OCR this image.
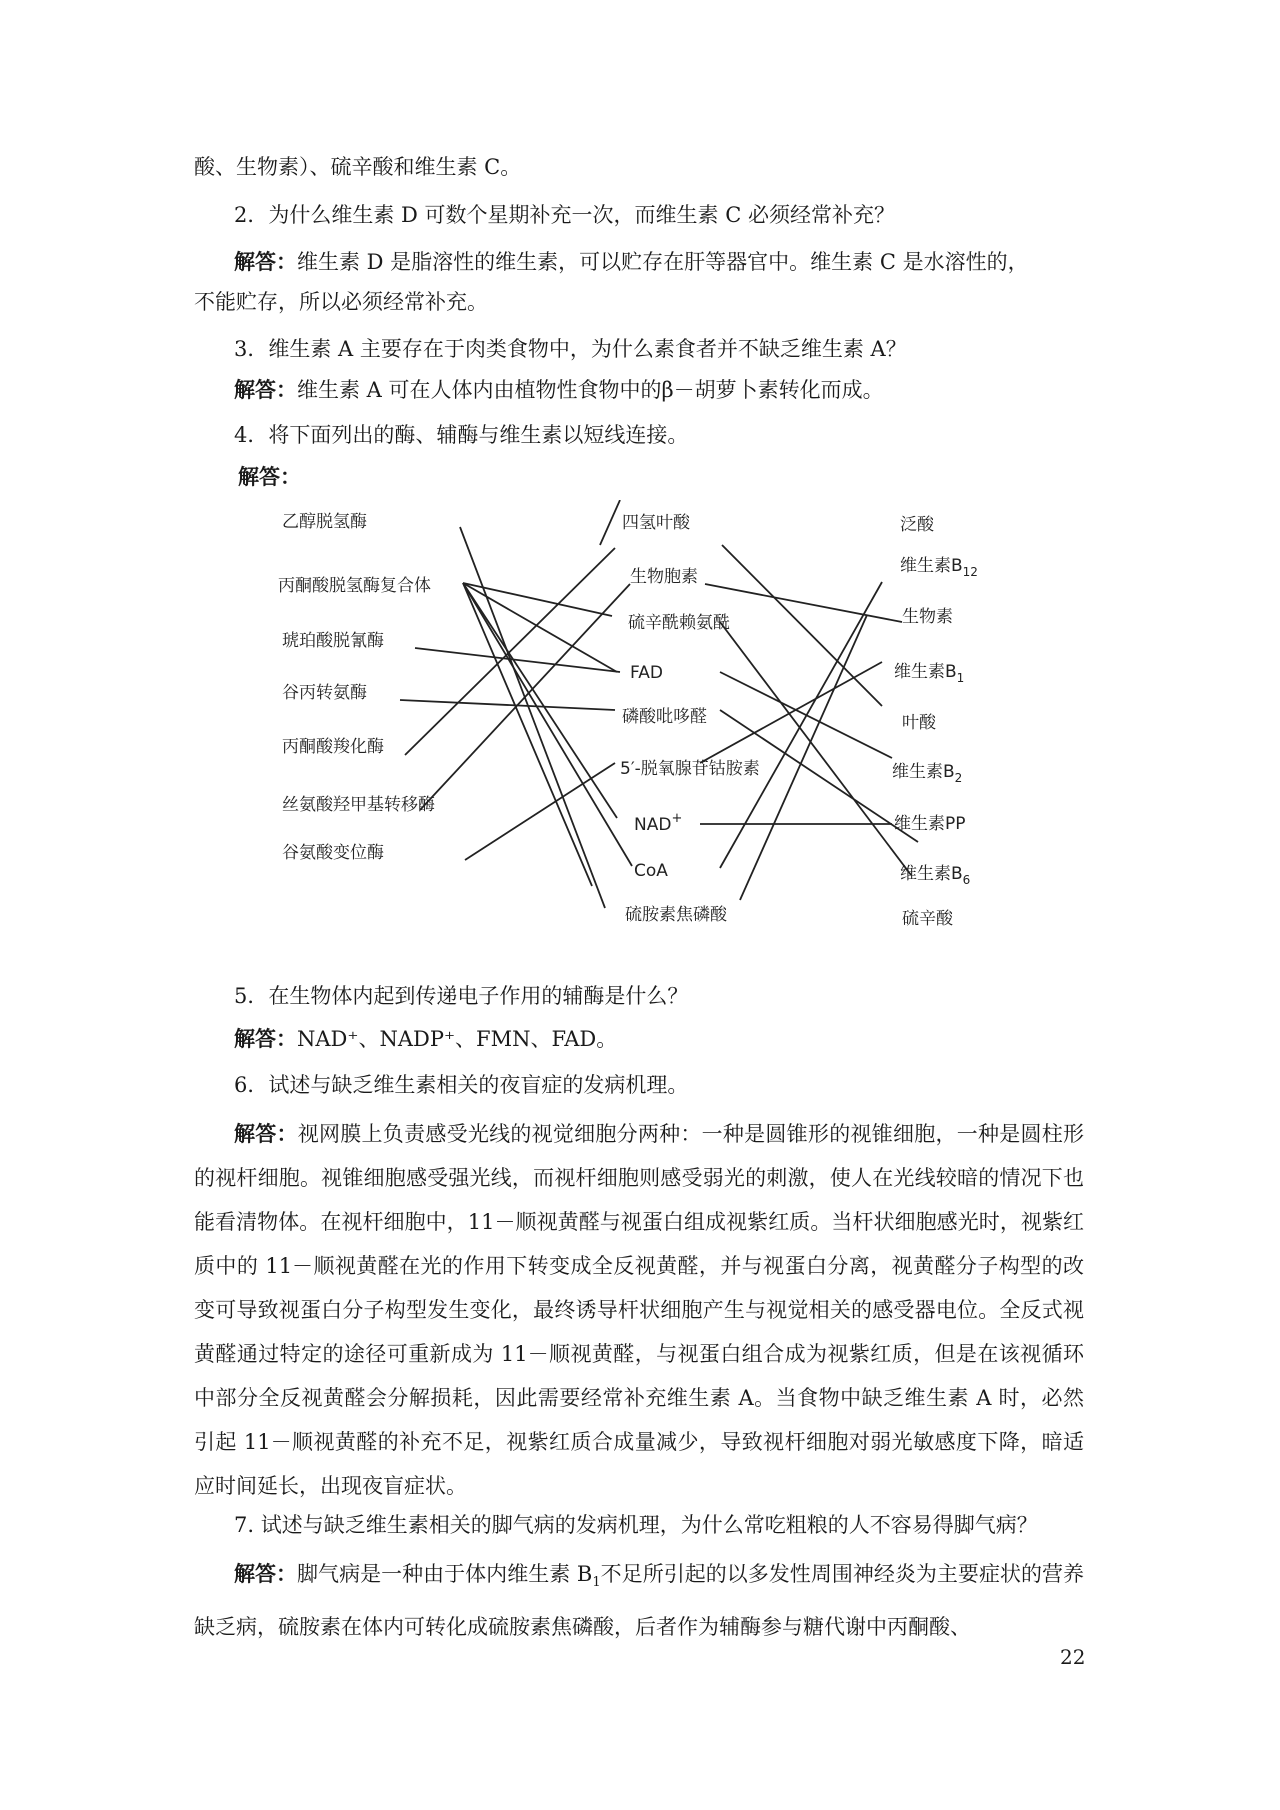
酸、生物素）、硫辛酸和维生素 C。
2．为什么维生素 D 可数个星期补充一次，而维生素 C 必须经常补充？
解答：维生素 D 是脂溶性的维生素，可以贮存在肝等器官中。维生素 C 是水溶性的，
不能贮存，所以必须经常补充。
3．维生素 A 主要存在于肉类食物中，为什么素食者并不缺乏维生素 A？
解答：维生素 A 可在人体内由植物性食物中的β－胡萝卜素转化而成。
4．将下面列出的酶、辅酶与维生素以短线连接。
解答：
乙醇脱氢酶
丙酮酸脱氢酶复合体
琥珀酸脱氰酶
谷丙转氨酶
丙酮酸羧化酶
丝氨酸羟甲基转移酶
谷氨酸变位酶
四氢叶酸
生物胞素
硫辛酰赖氨酰
FAD
磷酸吡哆醛
5′-脱氧腺苷钴胺素
NAD+
CoA
硫胺素焦磷酸
泛酸
维生素$B_{12}$
生物素
维生素$B_1$
叶酸
维生素$B_2$
维生素PP
维生素$B_6$
硫辛酸
5．在生物体内起到传递电子作用的辅酶是什么？
解答：NAD⁺、NADP⁺、FMN、FAD。
6．试述与缺乏维生素相关的夜盲症的发病机理。

解答：视网膜上负责感受光线的视觉细胞分两种：一种是圆锥形的视锥细胞，一种是圆柱形的视杆细胞。视锥细胞感受强光线，而视杆细胞则感受弱光的刺激，使人在光线较暗的情况下也能看清物体。在视杆细胞中，11－顺视黄醛与视蛋白组成视紫红质。当杆状细胞感光时，视紫红质中的 11－顺视黄醛在光的作用下转变成全反视黄醛，并与视蛋白分离，视黄醛分子构型的改变可导致视蛋白分子构型发生变化，最终诱导杆状细胞产生与视觉相关的感受器电位。全反式视黄醛通过特定的途径可重新成为 11－顺视黄醛，与视蛋白组合成为视紫红质，但是在该视循环中部分全反视黄醛会分解损耗，因此需要经常补充维生素 A。当食物中缺乏维生素 A 时，必然引起 11－顺视黄醛的补充不足，视紫红质合成量减少，导致视杆细胞对弱光敏感度下降，暗适应时间延长，出现夜盲症状。

7. 试述与缺乏维生素相关的脚气病的发病机理，为什么常吃粗粮的人不容易得脚气病？

解答：脚气病是一种由于体内维生素 $B_1$不足所引起的以多发性周围神经炎为主要症状的营养缺乏病，硫胺素在体内可转化成硫胺素焦磷酸，后者作为辅酶参与糖代谢中丙酮酸、

22
